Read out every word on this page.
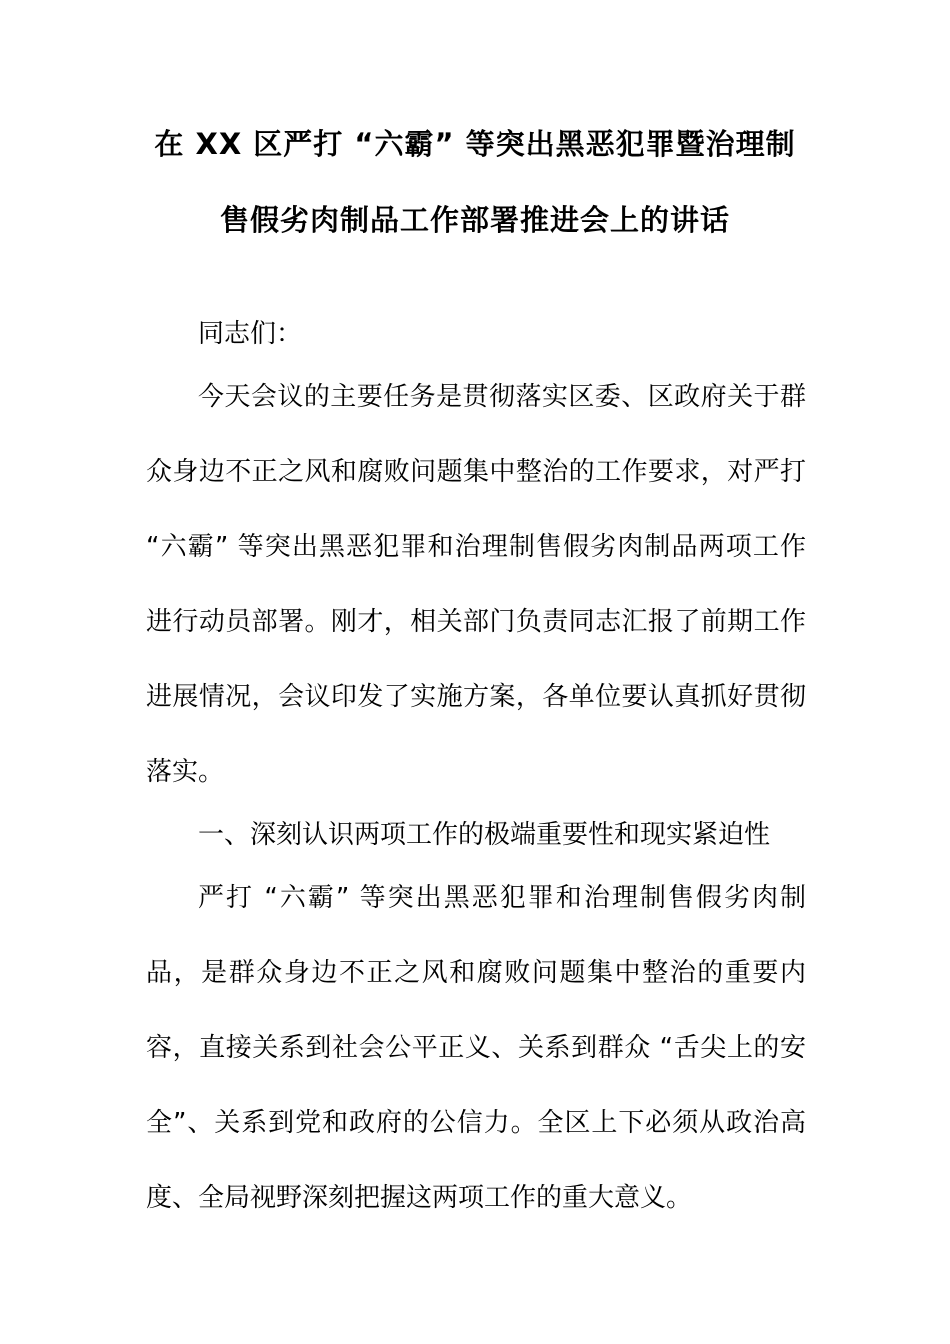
在 XX 区严打 “六霸” 等突出黑恶犯罪暨治理制
售假劣肉制品工作部署推进会上的讲话
同志们：
今天会议的主要任务是贯彻落实区委、区政府关于群
众身边不正之风和腐败问题集中整治的工作要求，对严打
“六霸” 等突出黑恶犯罪和治理制售假劣肉制品两项工作
进行动员部署。刚才，相关部门负责同志汇报了前期工作
进展情况，会议印发了实施方案，各单位要认真抓好贯彻
落实。
一、深刻认识两项工作的极端重要性和现实紧迫性
严打 “六霸” 等突出黑恶犯罪和治理制售假劣肉制
品，是群众身边不正之风和腐败问题集中整治的重要内
容，直接关系到社会公平正义、关系到群众 “舌尖上的安
全”、关系到党和政府的公信力。全区上下必须从政治高
度、全局视野深刻把握这两项工作的重大意义。
